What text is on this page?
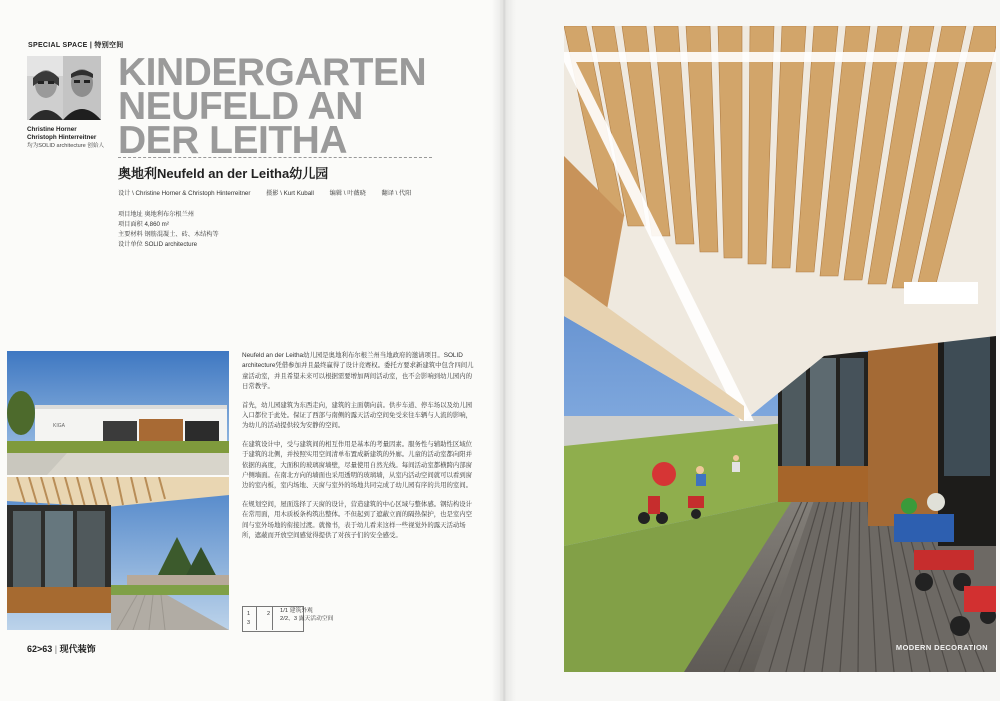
SPECIAL SPACE | 特别空间
Christine Horner
Christoph Hinterreitner
均为SOLID architecture 创始人
KINDERGARTEN
NEUFELD AN
DER LEITHA
奥地利Neufeld an der Leitha幼儿园
设计 \ Christine Horner & Christoph Hinterreitner	摄影 \ Kurt Kuball	编辑 \ 叶薇晓	翻译 \ 代阳
项目地址 奥地利布尔根兰州
项目面积 4,860 m²
主要材料 钢筋混凝土、砖、木结构等
设计单位 SOLID architecture
KIGA

Neufeld an der Leitha幼儿园是奥地利布尔根兰州当地政府的邀请项目。SOLID architecture凭借参加并且最终赢得了设计竞赛权。委托方要求新建筑中包含四间儿童活动室，并且希望未来可以根据需要增加两间活动室，也不会影响到幼儿园内的日常教学。

首先，幼儿园建筑为东西走向，建筑的主面朝向前。供步车道、停车场以及幼儿园入口都位于此处。保证了西部与南侧的露天活动空间免受来往车辆与人流的影响，为幼儿的活动提供较为安静的空间。

在建筑设计中，受与建筑间的相互作用是基本的考量因素。服务性与辅助性区域位于建筑的北侧，并按照实用空间清单布置成新建筑的外廊。儿童的活动室都向阳并依据的高度，大面积的玻璃窗墙壁，尽量使用自然光线。每间活动室都横跨内部窗户侧墙面。在南北方向的墙面也采用透明的玻璃墙，从室内活动空间就可以看到窗边的室内板，室内场地、天窗与室外的场地共同完成了幼儿园有序的共用的室间。

在规划空间，屋面选择了天窗的设计，营造建筑的中心区域与整体感。钢结构设计在常用面，用木质板条构筑出整体。不但起到了遮蔽立面的隔热保护，也是室内空间与室外场地的衔接过渡。就像书，表于幼儿看来这样一些视觉外的露天活动场所，遮蔽而开放空间感觉得提供了对孩子们的安全感受。

1
3
2 1/1 建筑外观
2/2、3 露天活动空间
62>63 | 现代装饰	MODERN DECORATION
